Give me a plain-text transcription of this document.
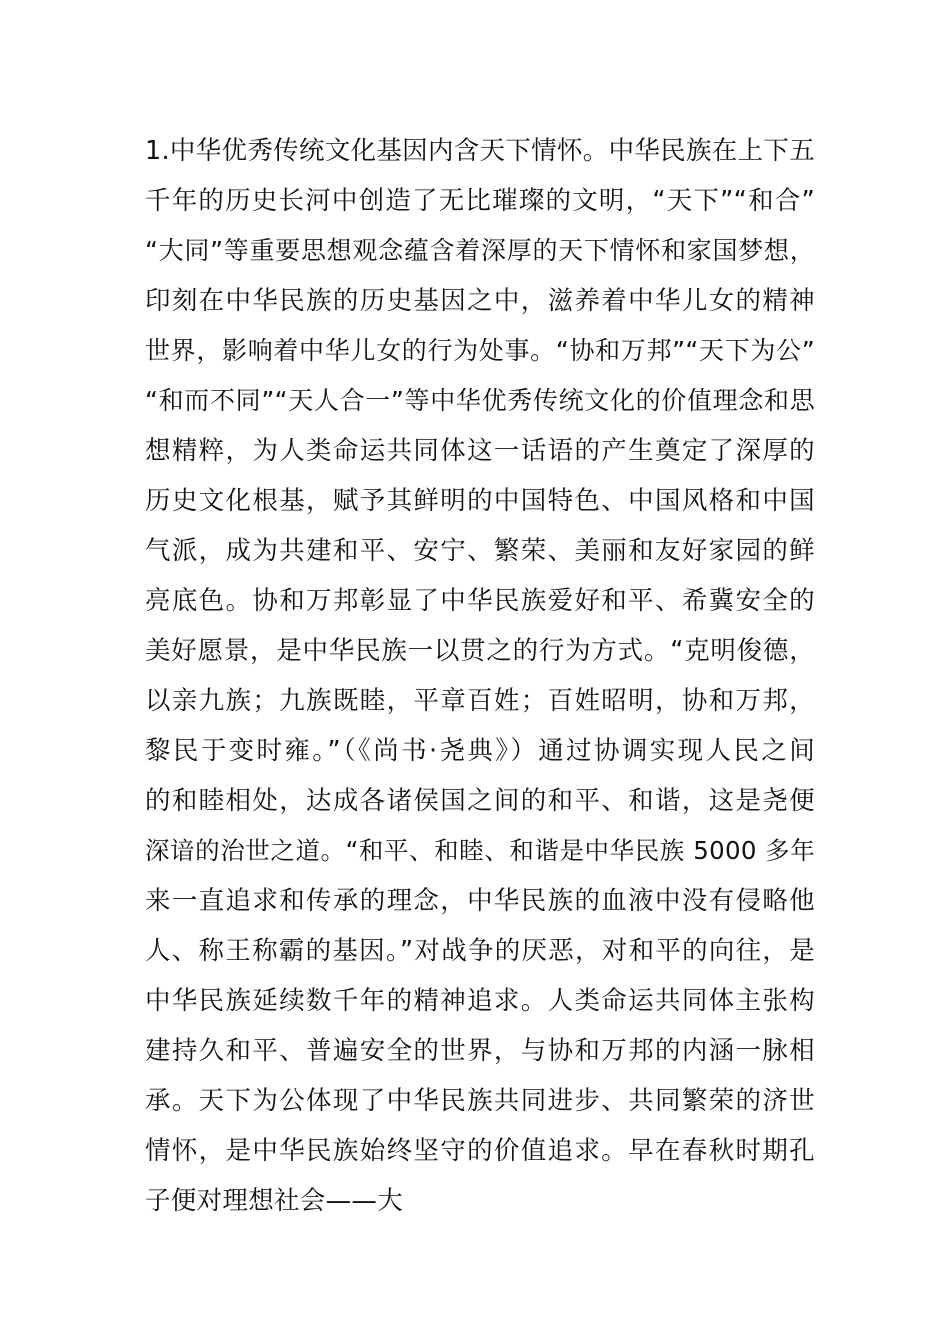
1.中华优秀传统文化基因内含天下情怀。中华民族在上下五
千年的历史长河中创造了无比璀璨的文明，“天下”“和合”
“大同”等重要思想观念蕴含着深厚的天下情怀和家国梦想，
印刻在中华民族的历史基因之中，滋养着中华儿女的精神
世界，影响着中华儿女的行为处事。“协和万邦”“天下为公”
“和而不同”“天人合一”等中华优秀传统文化的价值理念和思
想精粹，为人类命运共同体这一话语的产生奠定了深厚的
历史文化根基，赋予其鲜明的中国特色、中国风格和中国
气派，成为共建和平、安宁、繁荣、美丽和友好家园的鲜
亮底色。协和万邦彰显了中华民族爱好和平、希冀安全的
美好愿景，是中华民族一以贯之的行为方式。“克明俊德，
以亲九族；九族既睦，平章百姓；百姓昭明，协和万邦，
黎民于变时雍。”（《尚书·尧典》）通过协调实现人民之间
的和睦相处，达成各诸侯国之间的和平、和谐，这是尧便
深谙的治世之道。“和平、和睦、和谐是中华民族 5000 多年
来一直追求和传承的理念，中华民族的血液中没有侵略他
人、称王称霸的基因。”对战争的厌恶，对和平的向往，是
中华民族延续数千年的精神追求。人类命运共同体主张构
建持久和平、普遍安全的世界，与协和万邦的内涵一脉相
承。天下为公体现了中华民族共同进步、共同繁荣的济世
情怀，是中华民族始终坚守的价值追求。早在春秋时期孔
子便对理想社会——大
